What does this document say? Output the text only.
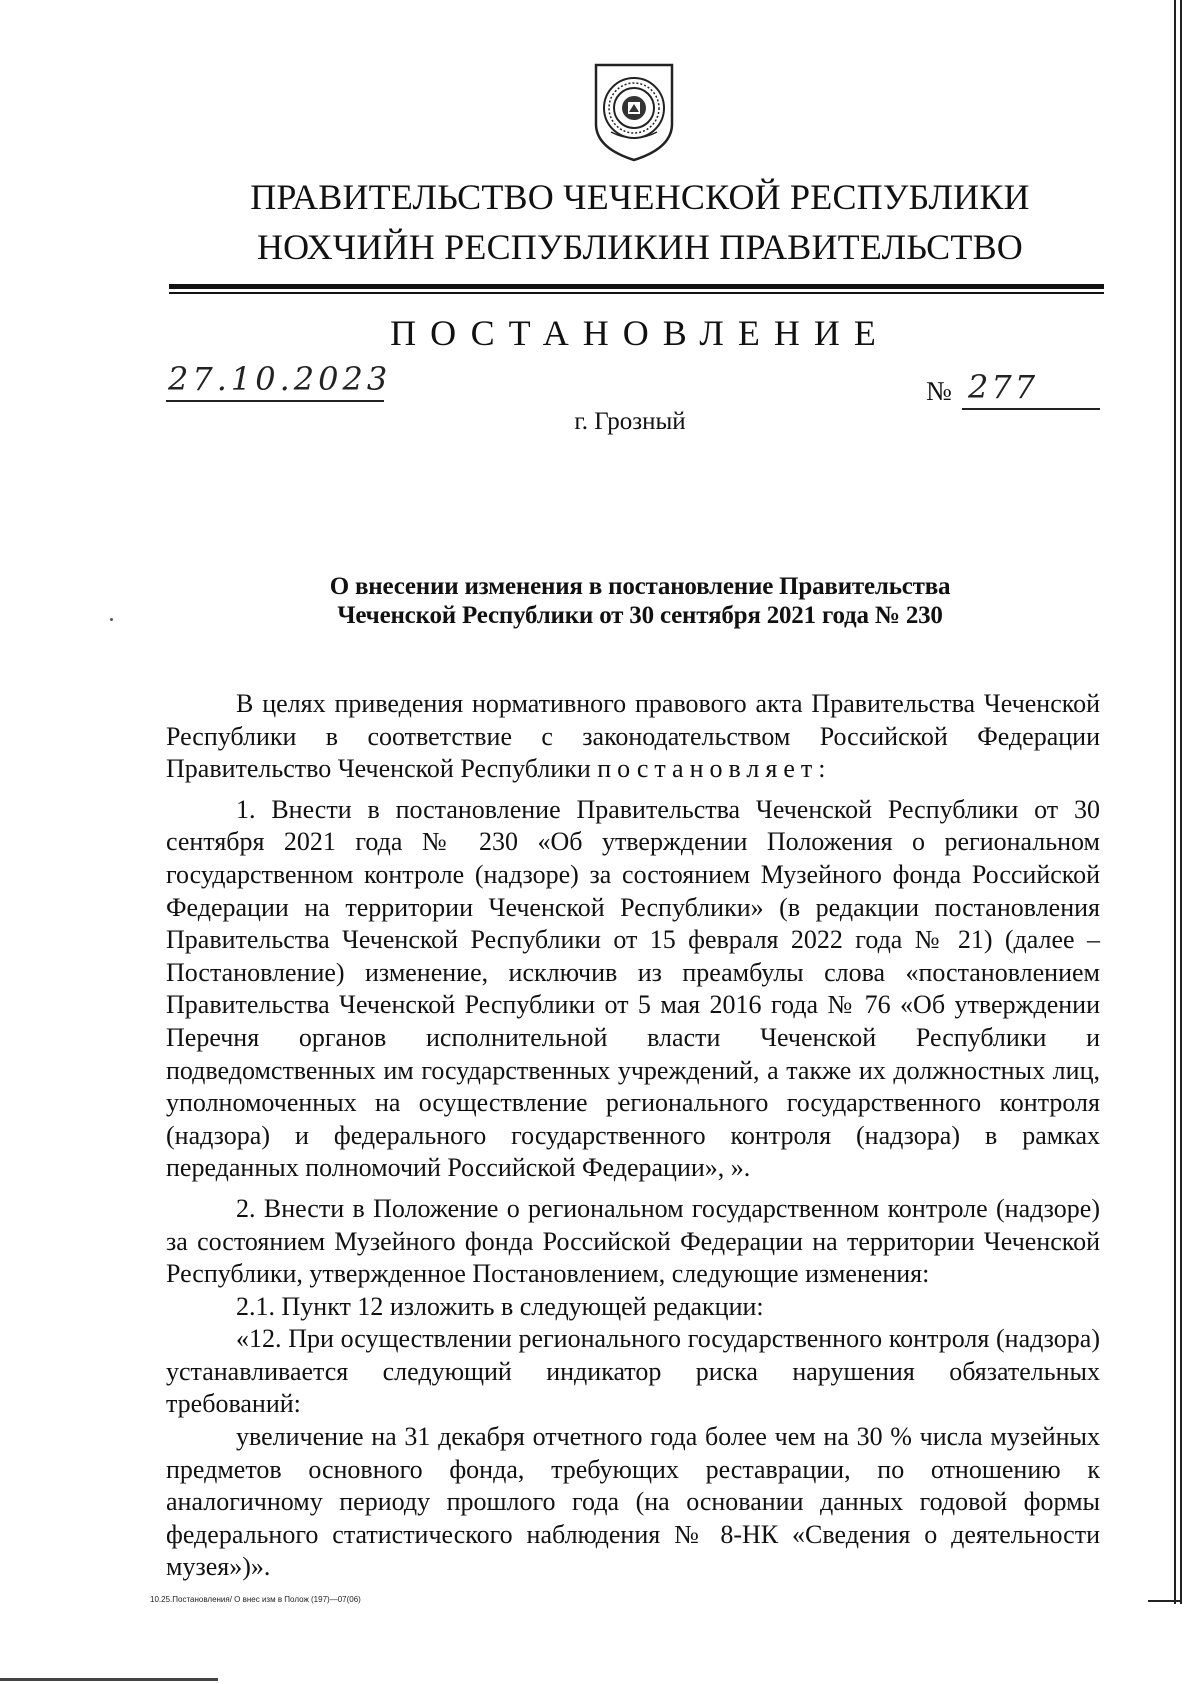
ПРАВИТЕЛЬСТВО ЧЕЧЕНСКОЙ РЕСПУБЛИКИ
НОХЧИЙН РЕСПУБЛИКИН ПРАВИТЕЛЬСТВО
ПОСТАНОВЛЕНИЕ
27.10.2023	№ 277
г. Грозный
О внесении изменения в постановление Правительства
Чеченской Республики от 30 сентября 2021 года № 230

В целях приведения нормативного правового акта Правительства Чеченской Республики в соответствие с законодательством Российской Федерации Правительство Чеченской Республики постановляет:

1. Внести в постановление Правительства Чеченской Республики от 30 сентября 2021 года № 230 «Об утверждении Положения о региональном государственном контроле (надзоре) за состоянием Музейного фонда Российской Федерации на территории Чеченской Республики» (в редакции постановления Правительства Чеченской Республики от 15 февраля 2022 года № 21) (далее – Постановление) изменение, исключив из преамбулы слова «постановлением Правительства Чеченской Республики от 5 мая 2016 года № 76 «Об утверждении Перечня органов исполнительной власти Чеченской Республики и подведомственных им государственных учреждений, а также их должностных лиц, уполномоченных на осуществление регионального государственного контроля (надзора) и федерального государственного контроля (надзора) в рамках переданных полномочий Российской Федерации», ».

2. Внести в Положение о региональном государственном контроле (надзоре) за состоянием Музейного фонда Российской Федерации на территории Чеченской Республики, утвержденное Постановлением, следующие изменения:

2.1. Пункт 12 изложить в следующей редакции:

«12. При осуществлении регионального государственного контроля (надзора) устанавливается следующий индикатор риска нарушения обязательных требований:

увеличение на 31 декабря отчетного года более чем на 30 % числа музейных предметов основного фонда, требующих реставрации, по отношению к аналогичному периоду прошлого года (на основании данных годовой формы федерального статистического наблюдения № 8-НК «Сведения о деятельности музея»)».

10.25.Постановления/ О внес изм в Полож (197)—07(06)
